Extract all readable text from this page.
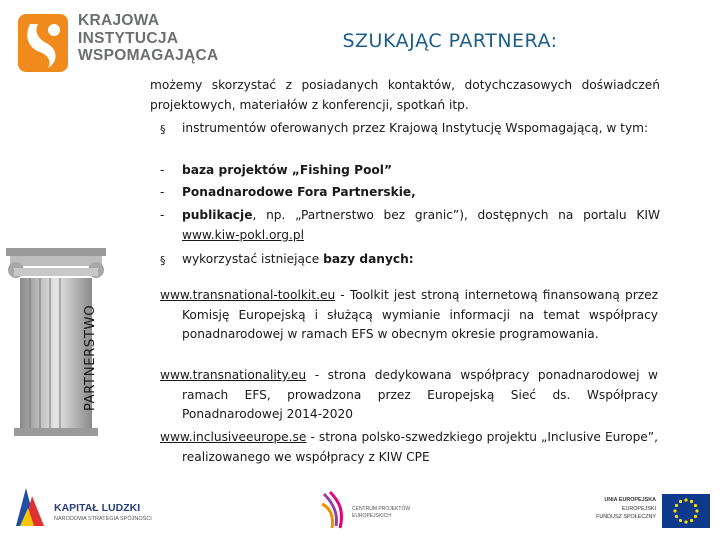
KRAJOWA
INSTYTUCJA
WSPOMAGAJĄCA
SZUKAJĄC PARTNERA:
PARTNERSTWO
możemy skorzystać z posiadanych kontaktów, dotychczasowych doświadczeń projektowych, materiałów z konferencji, spotkań itp.
§ instrumentów oferowanych przez Krajową Instytucję Wspomagającą, w tym:
- baza projektów „Fishing Pool”
- Ponadnarodowe Fora Partnerskie,
- publikacje, np. „Partnerstwo bez granic”), dostępnych na portalu KIW www.kiw-pokl.org.pl
§ wykorzystać istniejące bazy danych:
www.transnational-toolkit.eu - Toolkit jest stroną internetową finansowaną przez Komisję Europejską i służącą wymianie informacji na temat współpracy ponadnarodowej w ramach EFS w obecnym okresie programowania.
www.transnationality.eu - strona dedykowana współpracy ponadnarodowej w ramach EFS, prowadzona przez Europejską Sieć ds. Współpracy Ponadnarodowej 2014-2020
www.inclusiveeurope.se - strona polsko-szwedzkiego projektu „Inclusive Europe”, realizowanego we współpracy z KIW CPE
KAPITAŁ LUDZKI
NARODOWA STRATEGIA SPÓJNOŚCI
CENTRUM PROJEKTÓW
EUROPEJSKICH
UNIA EUROPEJSKA
EUROPEJSKI
FUNDUSZ SPOŁECZNY
